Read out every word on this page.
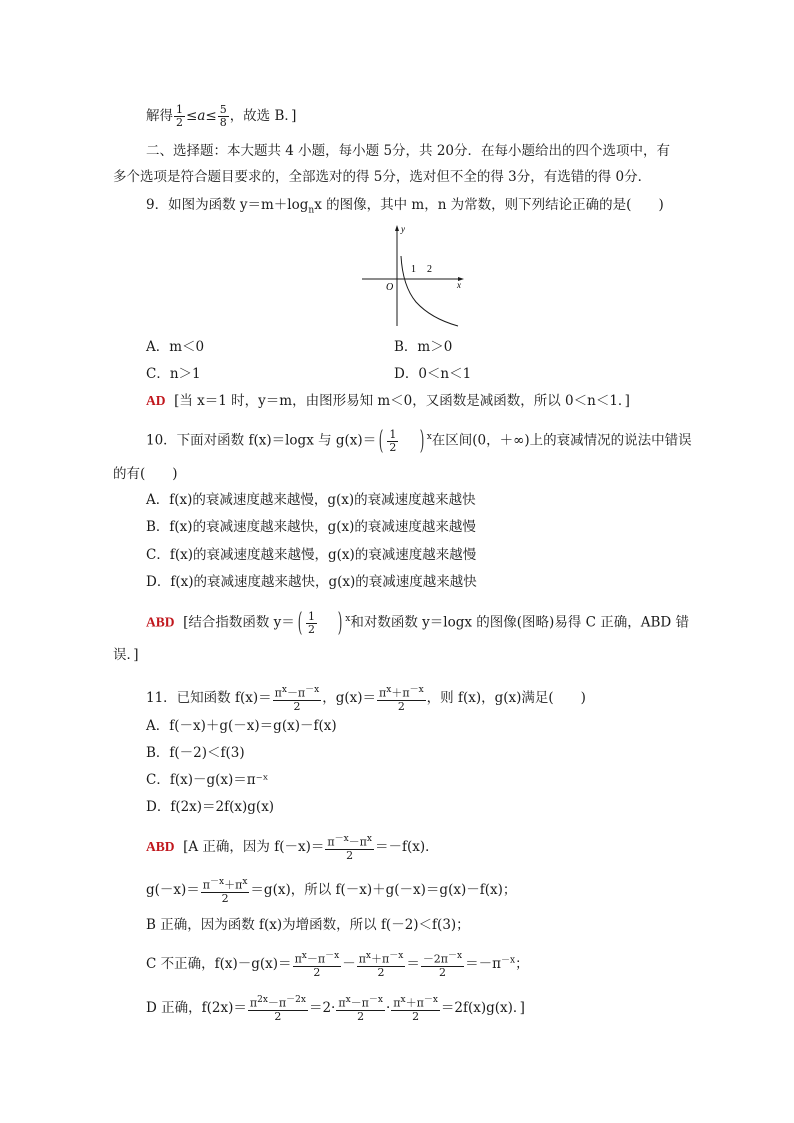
解得 $\frac{1}{2} \le a\le \frac{5}{8}$ ，故选 B．]
二、选择题：本大题共 4 小题，每小题 5分，共 20分．在每小题给出的四个选项中，有
多个选项是符合题目要求的，全部选对的得 5分，选对但不全的得 3分，有选错的得 0分．
9．如图为函数 $y=m+\log_nx$ 的图像，其中 m，n 为常数，则下列结论正确的是(　　)
y
x
O
1 2
A．m＜0	B．m＞0
C．n＞1	D．0＜n＜1
AD [当 x＝1 时，y＝m，由图形易知 m＜0，又函数是减函数，所以 0＜n＜1．]
10．下面对函数 f(x)＝logx 与 g(x)＝ ( $\frac{1}{2}$ ) $^x$在区间(0，＋∞)上的衰减情况的说法中错误
的有(　　)
A．f(x)的衰减速度越来越慢，g(x)的衰减速度越来越快
B．f(x)的衰减速度越来越快，g(x)的衰减速度越来越慢
C．f(x)的衰减速度越来越慢，g(x)的衰减速度越来越慢
D．f(x)的衰减速度越来越快，g(x)的衰减速度越来越快
ABD [结合指数函数 y＝ ( $\frac{1}{2}$ ) $^x$和对数函数 y＝logx 的图像(图略)易得 C 正确，ABD 错
误．]
11．已知函数 $f(x)= \frac{\pi^x-\pi^{-x}}{2}$ ，$g(x)= \frac{\pi^x+\pi^{-x}}{2}$ ，则 f(x)，g(x)满足(　　)
A．f(－x)＋g(－x)＝g(x)－f(x)
B．f(－2)＜f(3)
C．f(x)－g(x)＝π⁻ˣ
D．f(2x)＝2f(x)g(x)
ABD [A 正确，因为 $f(-x)= \frac{\pi^{-x}-\pi^x}{2} =-f(x)$．
$g(-x)= \frac{\pi^{-x}+\pi^x}{2} =g(x)$，所以 f(－x)＋g(－x)＝g(x)－f(x)；
B 正确，因为函数 f(x)为增函数，所以 f(－2)＜f(3)；
C 不正确，$f(x)-g(x)= \frac{\pi^x-\pi^{-x}}{2} - \frac{\pi^x+\pi^{-x}}{2} = \frac{-2\pi^{-x}}{2} =-\pi^{-x}$；
D 正确，$f(2x)= \frac{\pi^{2x}-\pi^{-2x}}{2} =2\cdot \frac{\pi^x-\pi^{-x}}{2} \cdot \frac{\pi^x+\pi^{-x}}{2} =2f(x)g(x)$．]
